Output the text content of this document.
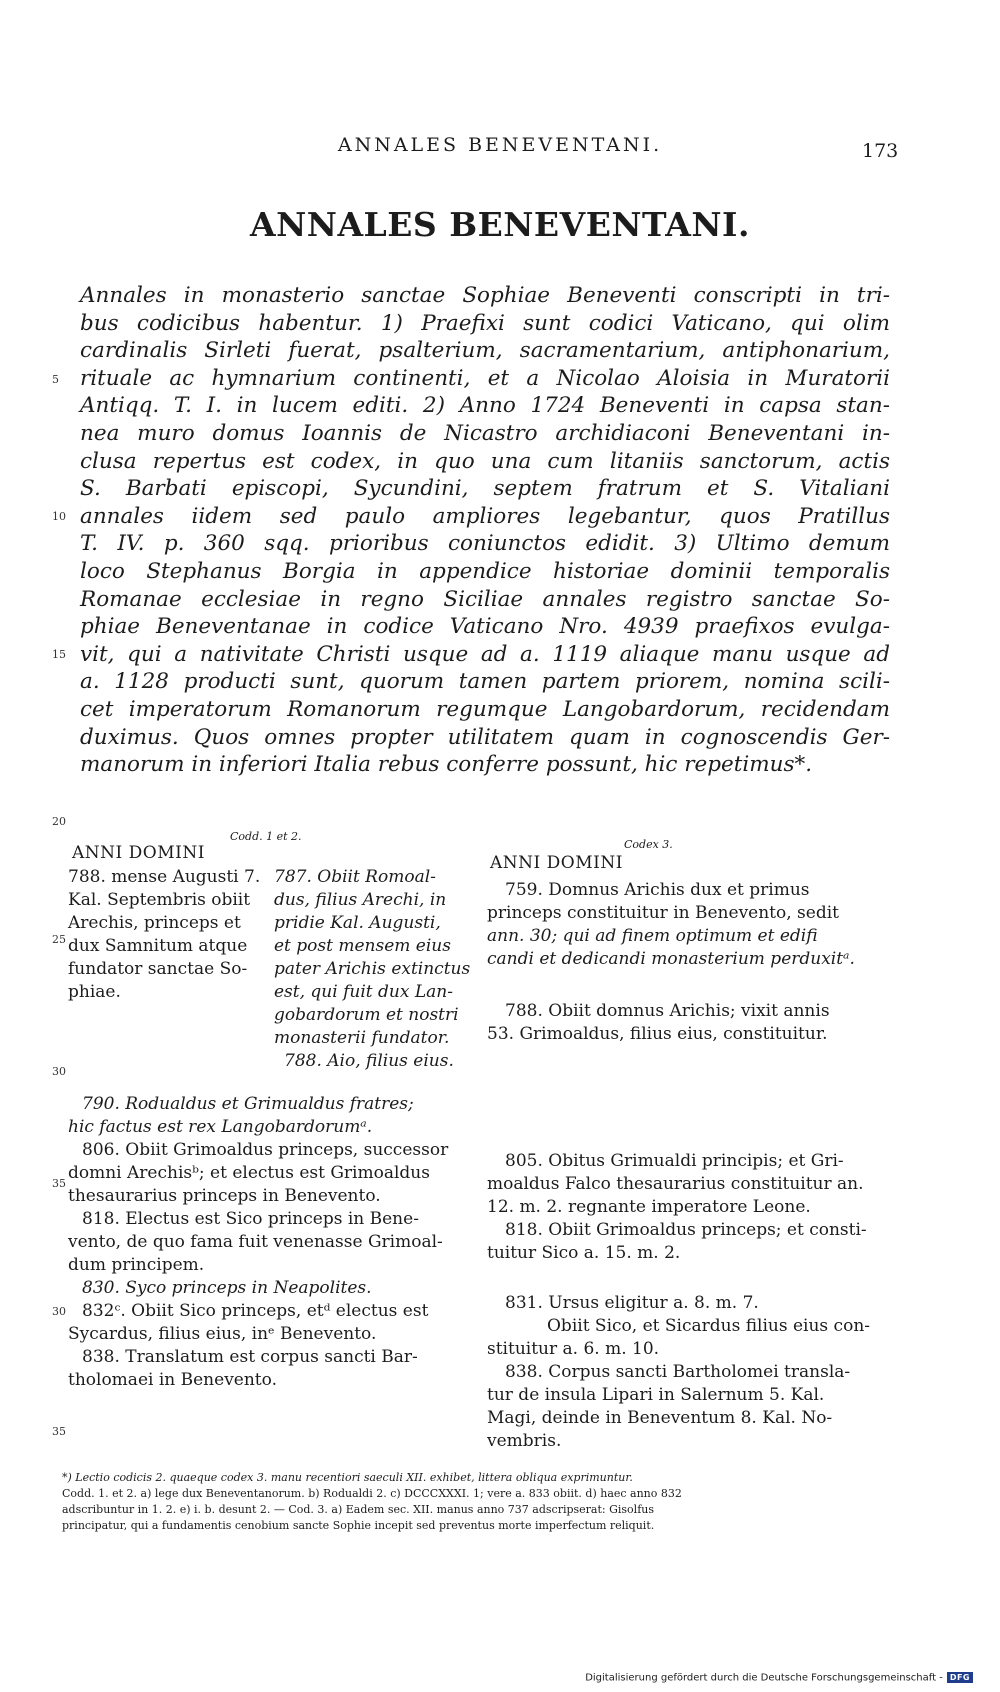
ANNALES BENEVENTANI.	173
ANNALES BENEVENTANI.
Annales in monasterio sanctae Sophiae Beneventi conscripti in tri-
bus codicibus habentur. 1) Praefixi sunt codici Vaticano, qui olim
cardinalis Sirleti fuerat, psalterium, sacramentarium, antiphonarium,
rituale ac hymnarium continenti, et a Nicolao Aloisia in Muratorii
Antiqq. T. I. in lucem editi. 2) Anno 1724 Beneventi in capsa stan-
nea muro domus Ioannis de Nicastro archidiaconi Beneventani in-
clusa repertus est codex, in quo una cum litaniis sanctorum, actis
S. Barbati episcopi, Sycundini, septem fratrum et S. Vitaliani
annales iidem sed paulo ampliores legebantur, quos Pratillus
T. IV. p. 360 sqq. prioribus coniunctos edidit. 3) Ultimo demum
loco Stephanus Borgia in appendice historiae dominii temporalis
Romanae ecclesiae in regno Siciliae annales registro sanctae So-
phiae Beneventanae in codice Vaticano Nro. 4939 praefixos evulga-
vit, qui a nativitate Christi usque ad a. 1119 aliaque manu usque ad
a. 1128 producti sunt, quorum tamen partem priorem, nomina scili-
cet imperatorum Romanorum regumque Langobardorum, recidendam
duximus. Quos omnes propter utilitatem quam in cognoscendis Ger-
manorum in inferiori Italia rebus conferre possunt, hic repetimus*.
5
10
15
20
25
30
35
30
35
Codd. 1 et 2.
ANNI DOMINI
788. mense Augusti 7.
Kal. Septembris obiit
Arechis, princeps et
dux Samnitum atque
fundator sanctae So-
phiae.
787. Obiit Romoal-
dus, filius Arechi, in
pridie Kal. Augusti,
et post mensem eius
pater Arichis extinctus
est, qui fuit dux Lan-
gobardorum et nostri
monasterii fundator.
788. Aio, filius eius.
790. Rodualdus et Grimualdus fratres;
hic factus est rex Langobardorumᵃ.
806. Obiit Grimoaldus princeps, successor
domni Arechisᵇ; et electus est Grimoaldus
thesaurarius princeps in Benevento.
818. Electus est Sico princeps in Bene-
vento, de quo fama fuit venenasse Grimoal-
dum principem.
830. Syco princeps in Neapolites.
832ᶜ. Obiit Sico princeps, etᵈ electus est
Sycardus, filius eius, inᵉ Benevento.
838. Translatum est corpus sancti Bar-
tholomaei in Benevento.
Codex 3.
ANNI DOMINI
759. Domnus Arichis dux et primus
princeps constituitur in Benevento, sedit
ann. 30; qui ad finem optimum et edifi
candi et dedicandi monasterium perduxitᵃ.
788. Obiit domnus Arichis; vixit annis
53. Grimoaldus, filius eius, constituitur.
805. Obitus Grimualdi principis; et Gri-
moaldus Falco thesaurarius constituitur an.
12. m. 2. regnante imperatore Leone.
818. Obiit Grimoaldus princeps; et consti-
tuitur Sico a. 15. m. 2.
831. Ursus eligitur a. 8. m. 7.
Obiit Sico, et Sicardus filius eius con-
stituitur a. 6. m. 10.
838. Corpus sancti Bartholomei transla-
tur de insula Lipari in Salernum 5. Kal.
Magi, deinde in Beneventum 8. Kal. No-
vembris.
*) Lectio codicis 2. quaeque codex 3. manu recentiori saeculi XII. exhibet, littera obliqua exprimuntur.
Codd. 1. et 2. a) lege dux Beneventanorum. b) Rodualdi 2. c) DCCCXXXI. 1; vere a. 833 obiit. d) haec anno 832
adscribuntur in 1. 2. e) i. b. desunt 2. — Cod. 3. a) Eadem sec. XII. manus anno 737 adscripserat: Gisolfus
principatur, qui a fundamentis cenobium sancte Sophie incepit sed preventus morte imperfectum reliquit.
Digitalisierung gefördert durch die Deutsche Forschungsgemeinschaft - DFG
